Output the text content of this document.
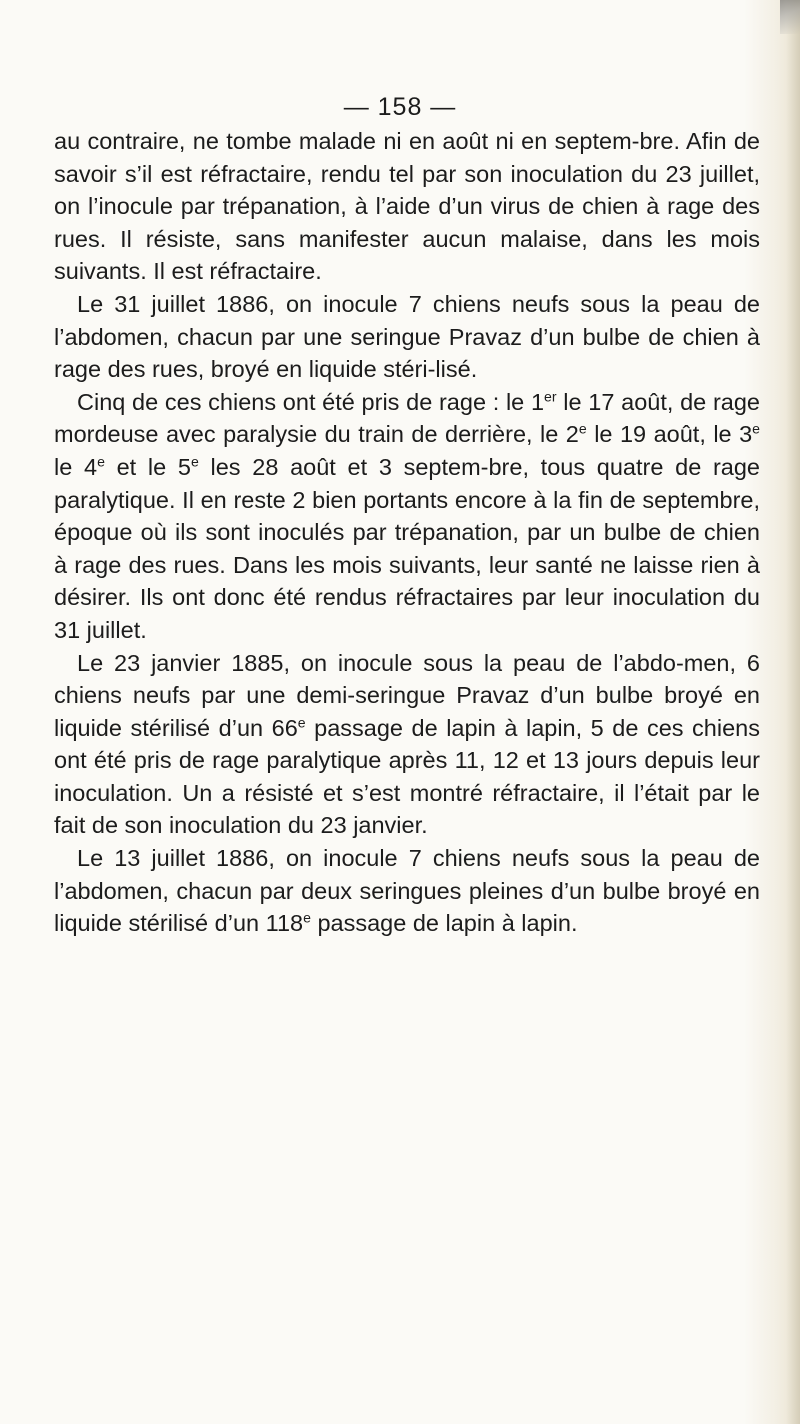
— 158 —

au contraire, ne tombe malade ni en août ni en septem-bre. Afin de savoir s’il est réfractaire, rendu tel par son inoculation du 23 juillet, on l’inocule par trépanation, à l’aide d’un virus de chien à rage des rues. Il résiste, sans manifester aucun malaise, dans les mois suivants. Il est réfractaire.

Le 31 juillet 1886, on inocule 7 chiens neufs sous la peau de l’abdomen, chacun par une seringue Pravaz d’un bulbe de chien à rage des rues, broyé en liquide stéri-lisé.

Cinq de ces chiens ont été pris de rage : le 1er le 17 août, de rage mordeuse avec paralysie du train de derrière, le 2e le 19 août, le 3e le 4e et le 5e les 28 août et 3 septem-bre, tous quatre de rage paralytique. Il en reste 2 bien portants encore à la fin de septembre, époque où ils sont inoculés par trépanation, par un bulbe de chien à rage des rues. Dans les mois suivants, leur santé ne laisse rien à désirer. Ils ont donc été rendus réfractaires par leur inoculation du 31 juillet.

Le 23 janvier 1885, on inocule sous la peau de l’abdo-men, 6 chiens neufs par une demi-seringue Pravaz d’un bulbe broyé en liquide stérilisé d’un 66e passage de lapin à lapin, 5 de ces chiens ont été pris de rage paralytique après 11, 12 et 13 jours depuis leur inoculation. Un a résisté et s’est montré réfractaire, il l’était par le fait de son inoculation du 23 janvier.

Le 13 juillet 1886, on inocule 7 chiens neufs sous la peau de l’abdomen, chacun par deux seringues pleines d’un bulbe broyé en liquide stérilisé d’un 118e passage de lapin à lapin.
